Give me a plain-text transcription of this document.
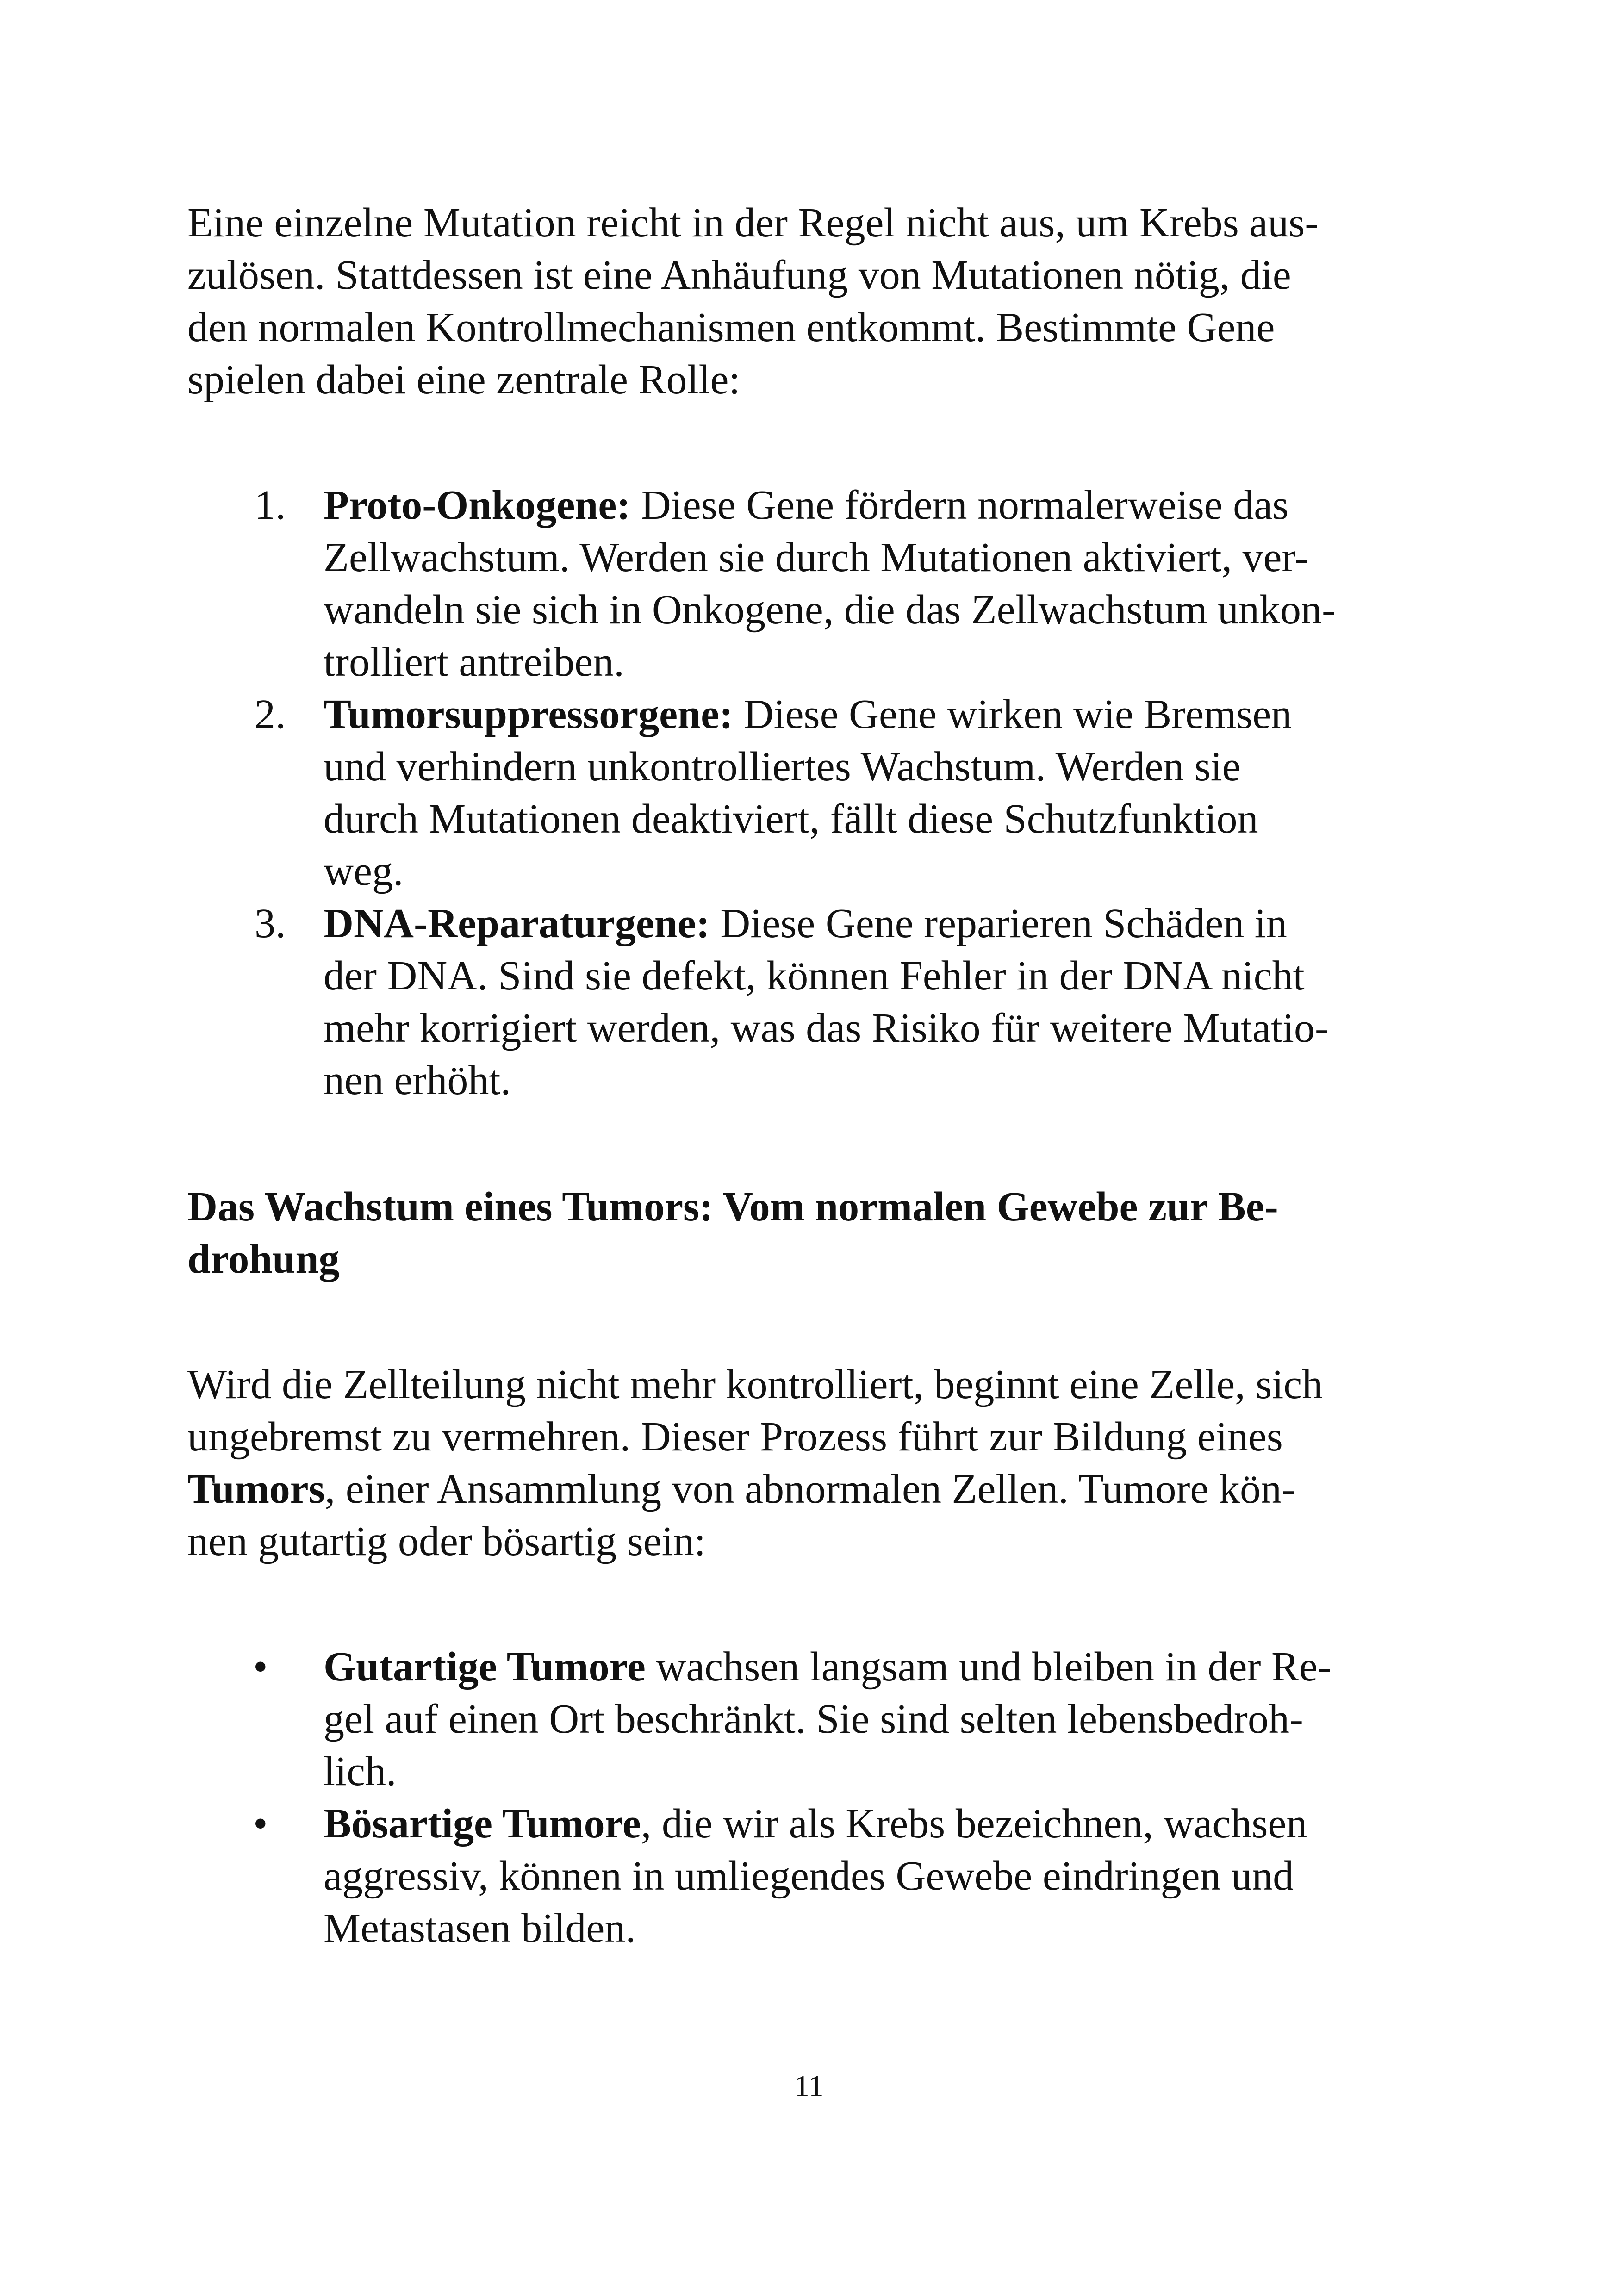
Eine einzelne Mutation reicht in der Regel nicht aus, um Krebs aus-
zulösen. Stattdessen ist eine Anhäufung von Mutationen nötig, die
den normalen Kontrollmechanismen entkommt. Bestimmte Gene
spielen dabei eine zentrale Rolle:

1. Proto-Onkogene: Diese Gene fördern normalerweise das
Zellwachstum. Werden sie durch Mutationen aktiviert, ver-
wandeln sie sich in Onkogene, die das Zellwachstum unkon-
trolliert antreiben.
2. Tumorsuppressorgene: Diese Gene wirken wie Bremsen
und verhindern unkontrolliertes Wachstum. Werden sie
durch Mutationen deaktiviert, fällt diese Schutzfunktion
weg.
3. DNA-Reparaturgene: Diese Gene reparieren Schäden in
der DNA. Sind sie defekt, können Fehler in der DNA nicht
mehr korrigiert werden, was das Risiko für weitere Mutatio-
nen erhöht.
Das Wachstum eines Tumors: Vom normalen Gewebe zur Be-
drohung

Wird die Zellteilung nicht mehr kontrolliert, beginnt eine Zelle, sich
ungebremst zu vermehren. Dieser Prozess führt zur Bildung eines
Tumors, einer Ansammlung von abnormalen Zellen. Tumore kön-
nen gutartig oder bösartig sein:

• Gutartige Tumore wachsen langsam und bleiben in der Re-
gel auf einen Ort beschränkt. Sie sind selten lebensbedroh-
lich.
• Bösartige Tumore, die wir als Krebs bezeichnen, wachsen
aggressiv, können in umliegendes Gewebe eindringen und
Metastasen bilden.
11
